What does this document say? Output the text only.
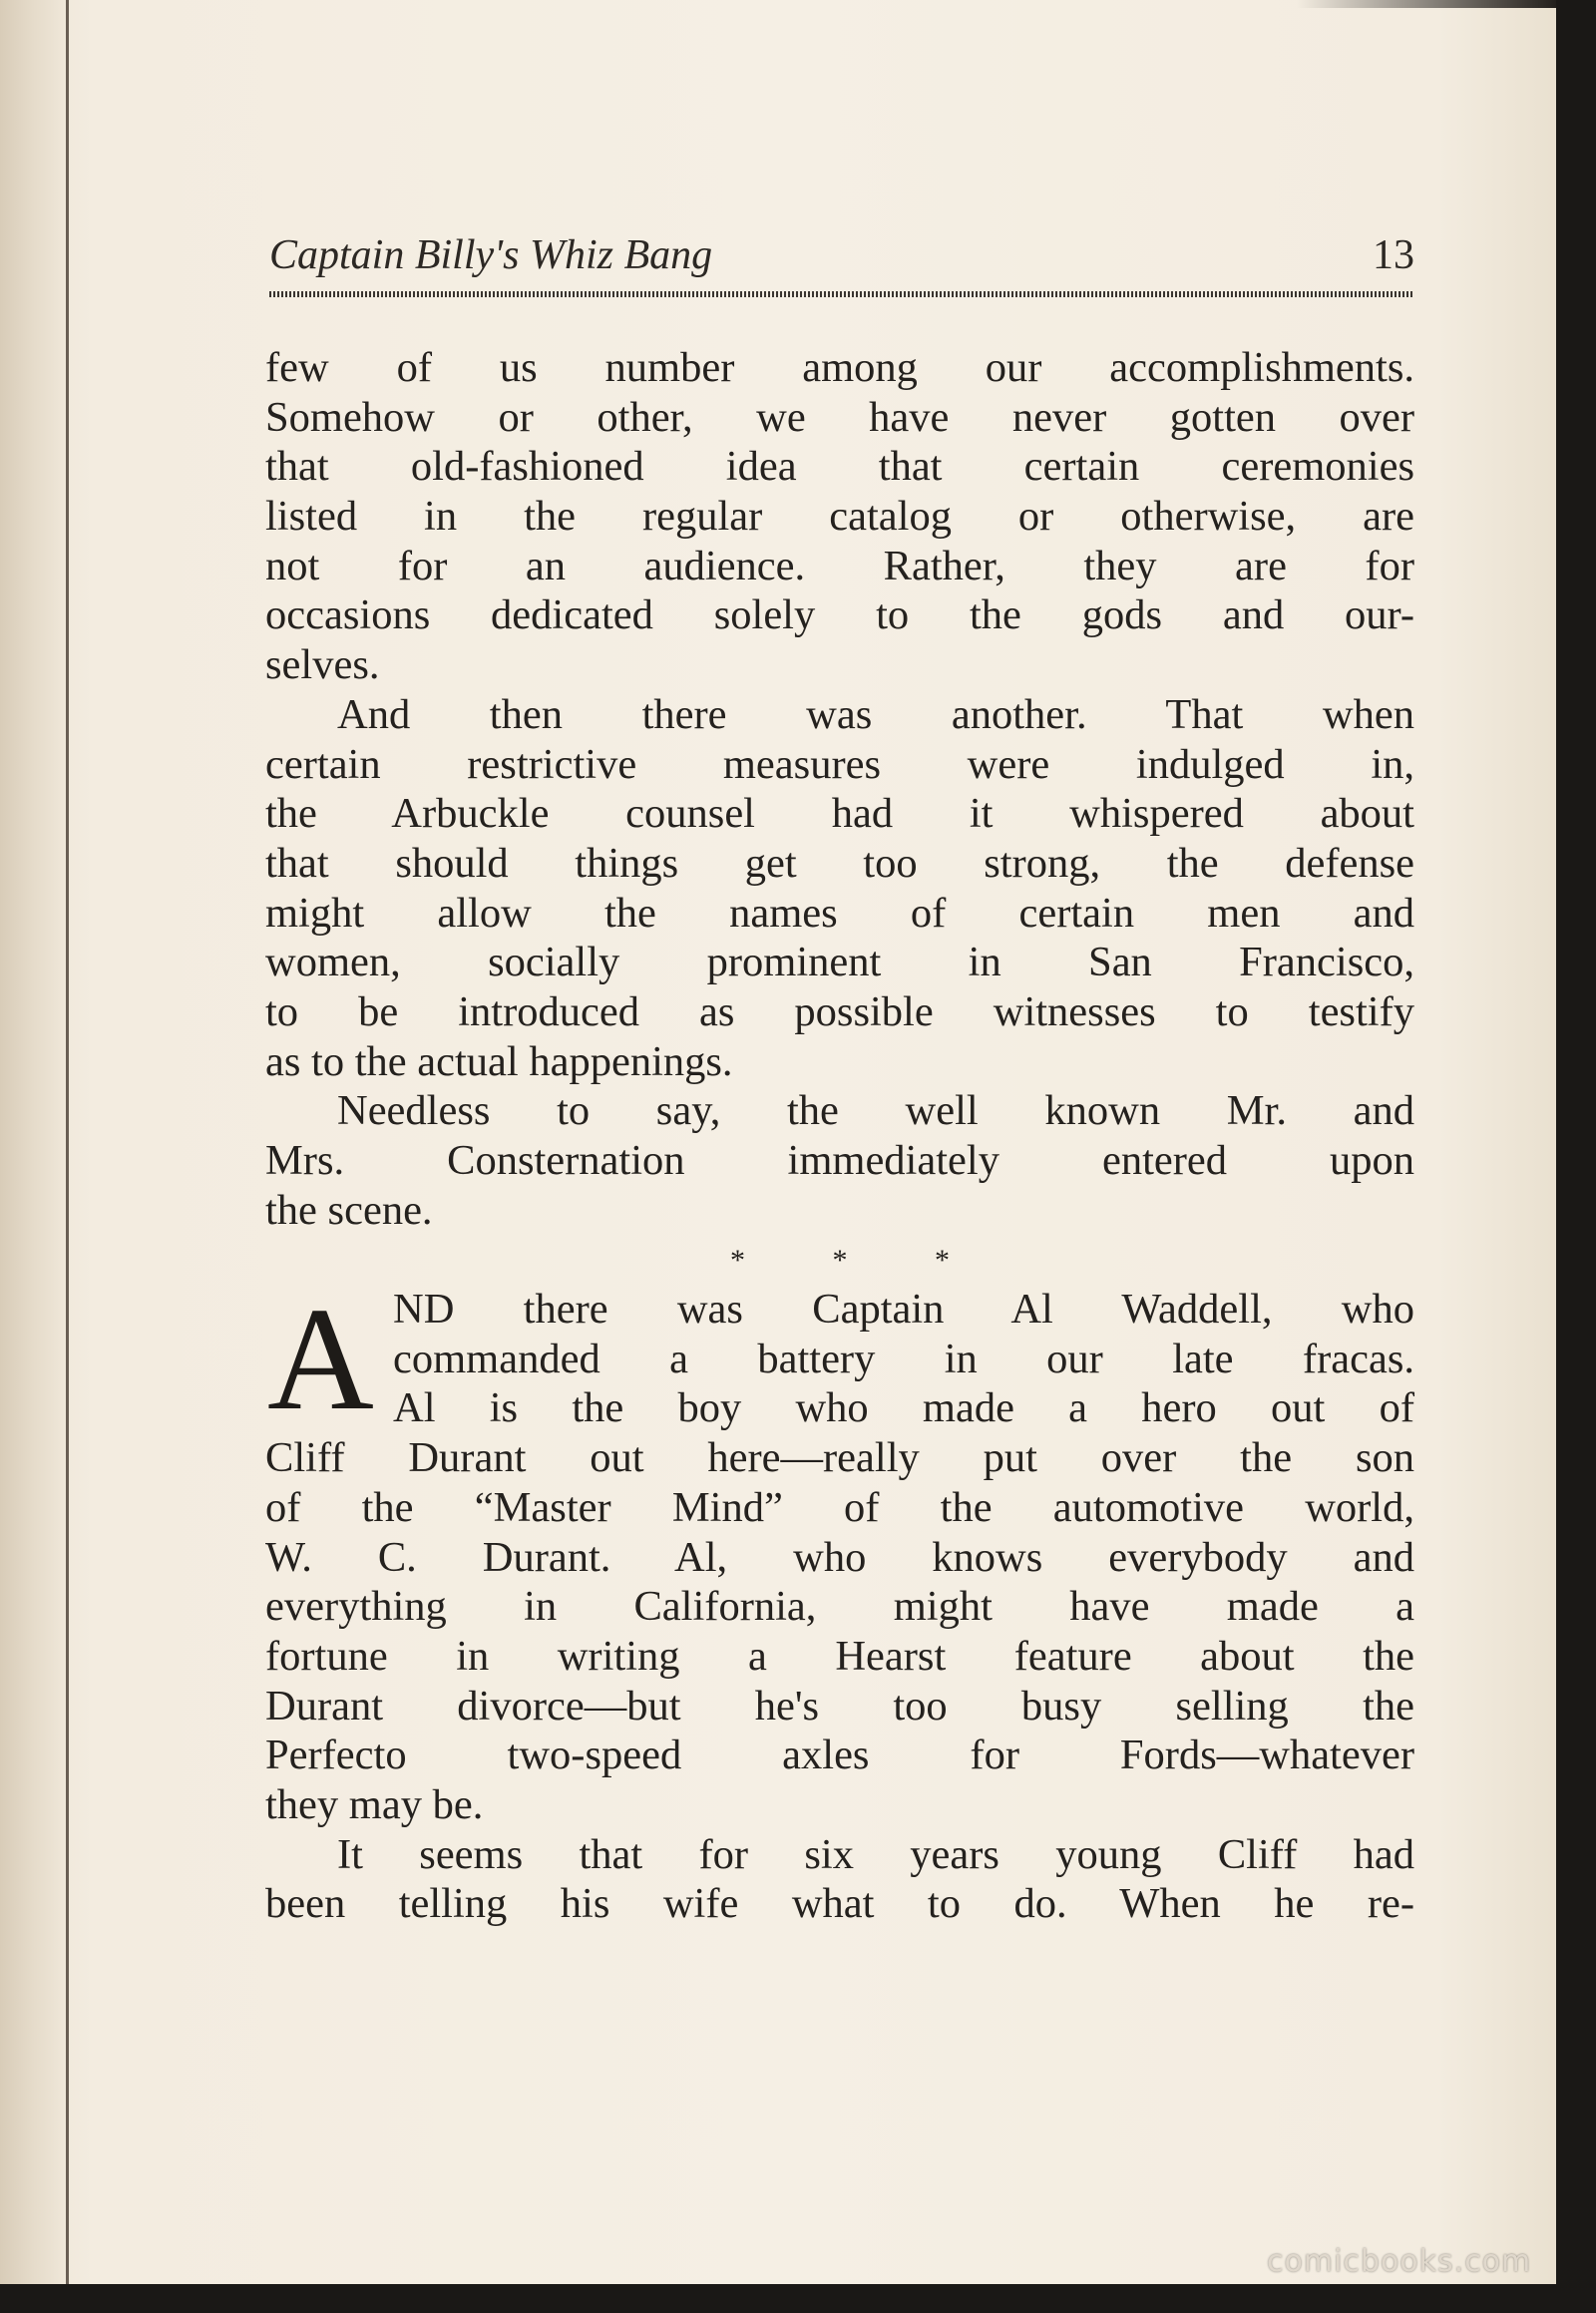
Captain Billy's Whiz Bang	13
few of us number among our accomplishments.
Somehow or other, we have never gotten over
that old-fashioned idea that certain ceremonies
listed in the regular catalog or otherwise, are
not for an audience. Rather, they are for
occasions dedicated solely to the gods and our-
selves.
And then there was another. That when
certain restrictive measures were indulged in,
the Arbuckle counsel had it whispered about
that should things get too strong, the defense
might allow the names of certain men and
women, socially prominent in San Francisco,
to be introduced as possible witnesses to testify
as to the actual happenings.
Needless to say, the well known Mr. and
Mrs. Consternation immediately entered upon
the scene.
* * *
A ND there was Captain Al Waddell, who
commanded a battery in our late fracas.
Al is the boy who made a hero out of
Cliff Durant out here—really put over the son
of the “Master Mind” of the automotive world,
W. C. Durant. Al, who knows everybody and
everything in California, might have made a
fortune in writing a Hearst feature about the
Durant divorce—but he's too busy selling the
Perfecto two-speed axles for Fords—whatever
they may be.
It seems that for six years young Cliff had
been telling his wife what to do. When he re-
comicbooks.com
